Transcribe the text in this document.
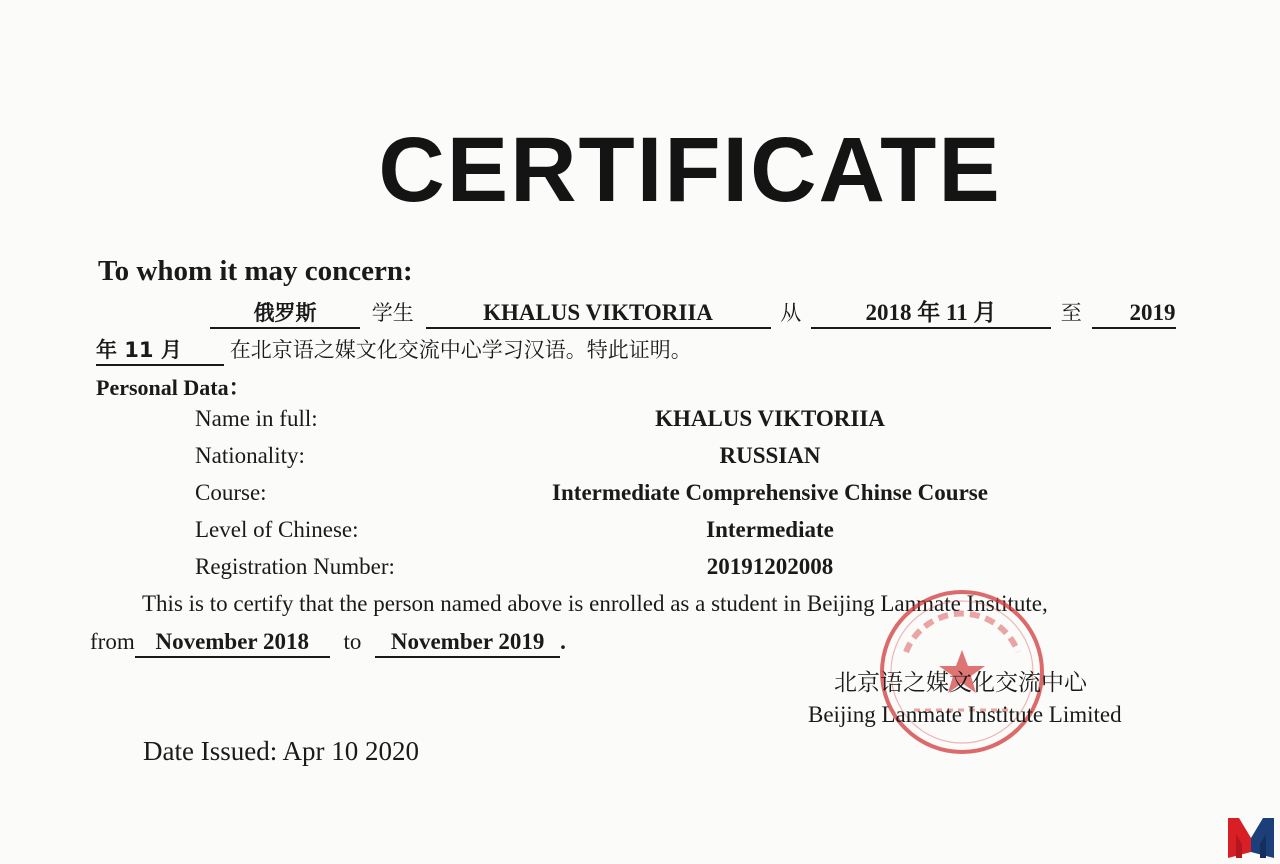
CERTIFICATE
To whom it may concern:
俄罗斯	学生	KHALUS VIKTORIIA	从	2018 年 11 月	至 2019
年 11 月 在北京语之媒文化交流中心学习汉语。特此证明。
Personal Data：
Name in full:	KHALUS VIKTORIIA
Nationality:	RUSSIAN
Course:	Intermediate Comprehensive Chinse Course
Level of Chinese:	Intermediate
Registration Number:	20191202008
This is to certify that the person named above is enrolled as a student in Beijing Lanmate Institute,
from November 2018 to November 2019 .
北京语之媒文化交流中心
Beijing Lanmate Institute Limited
Date Issued: Apr 10 2020
